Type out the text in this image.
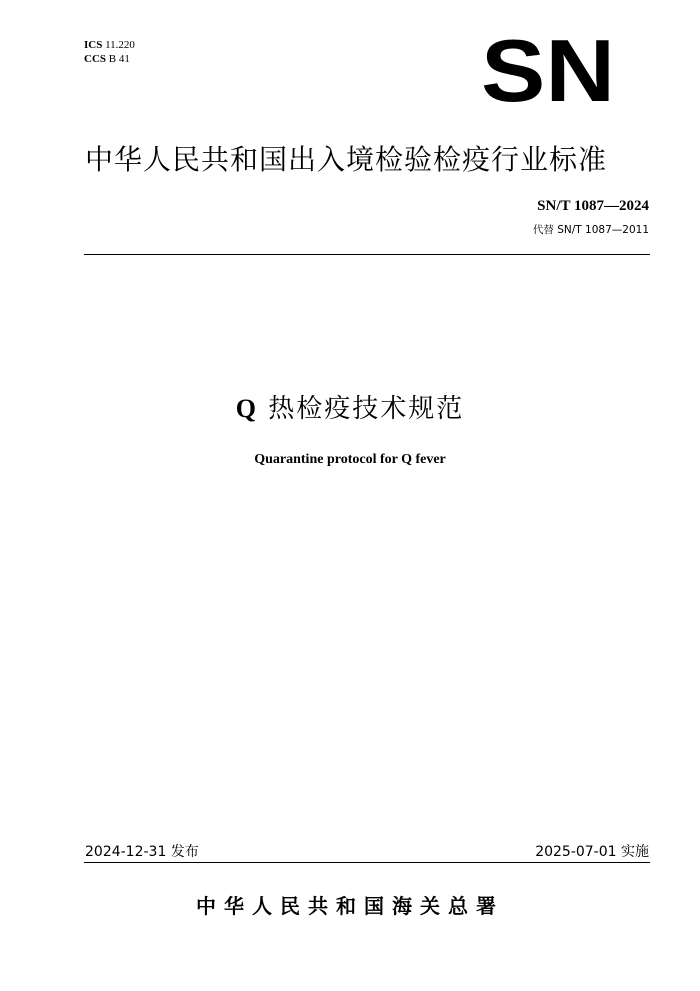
ICS 11.220
CCS B 41	SN
中华人民共和国出入境检验检疫行业标准
SN/T 1087—2024
代替 SN/T 1087—2011
Q 热检疫技术规范
Quarantine protocol for Q fever
2024-12-31 发布	2025-07-01 实施
中华人民共和国海关总署
